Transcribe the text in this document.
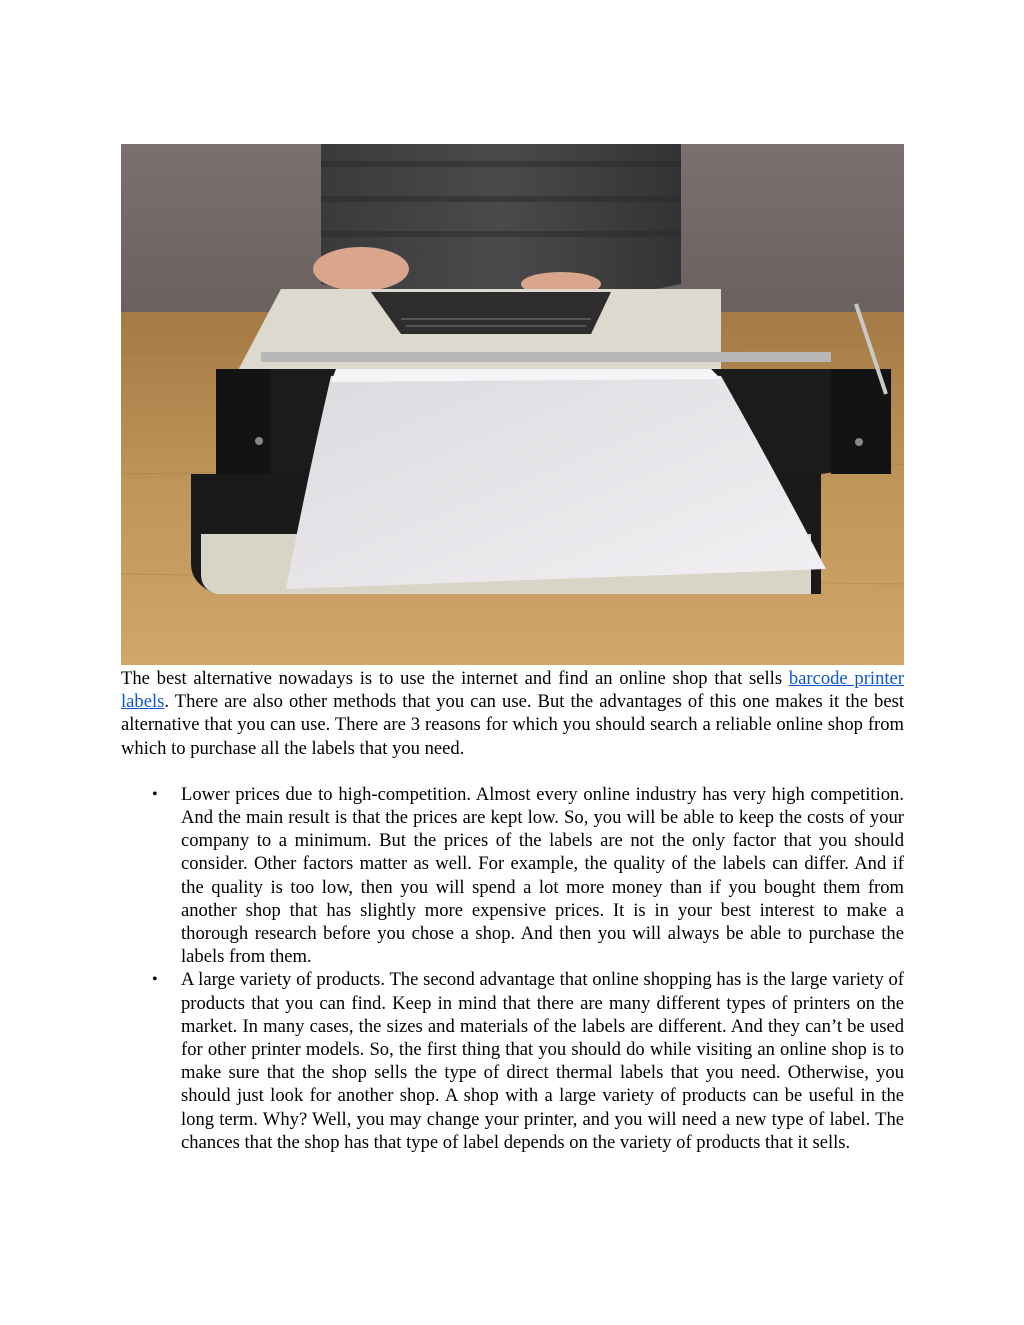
The best alternative nowadays is to use the internet and find an online shop that sells barcode printer labels. There are also other methods that you can use. But the advantages of this one makes it the best alternative that you can use. There are 3 reasons for which you should search a reliable online shop from which to purchase all the labels that you need.

• Lower prices due to high-competition. Almost every online industry has very high competition. And the main result is that the prices are kept low. So, you will be able to keep the costs of your company to a minimum. But the prices of the labels are not the only factor that you should consider. Other factors matter as well. For example, the quality of the labels can differ. And if the quality is too low, then you will spend a lot more money than if you bought them from another shop that has slightly more expensive prices. It is in your best interest to make a thorough research before you chose a shop. And then you will always be able to purchase the labels from them.
• A large variety of products. The second advantage that online shopping has is the large variety of products that you can find. Keep in mind that there are many different types of printers on the market. In many cases, the sizes and materials of the labels are different. And they can’t be used for other printer models. So, the first thing that you should do while visiting an online shop is to make sure that the shop sells the type of direct thermal labels that you need. Otherwise, you should just look for another shop. A shop with a large variety of products can be useful in the long term. Why? Well, you may change your printer, and you will need a new type of label. The chances that the shop has that type of label depends on the variety of products that it sells.
